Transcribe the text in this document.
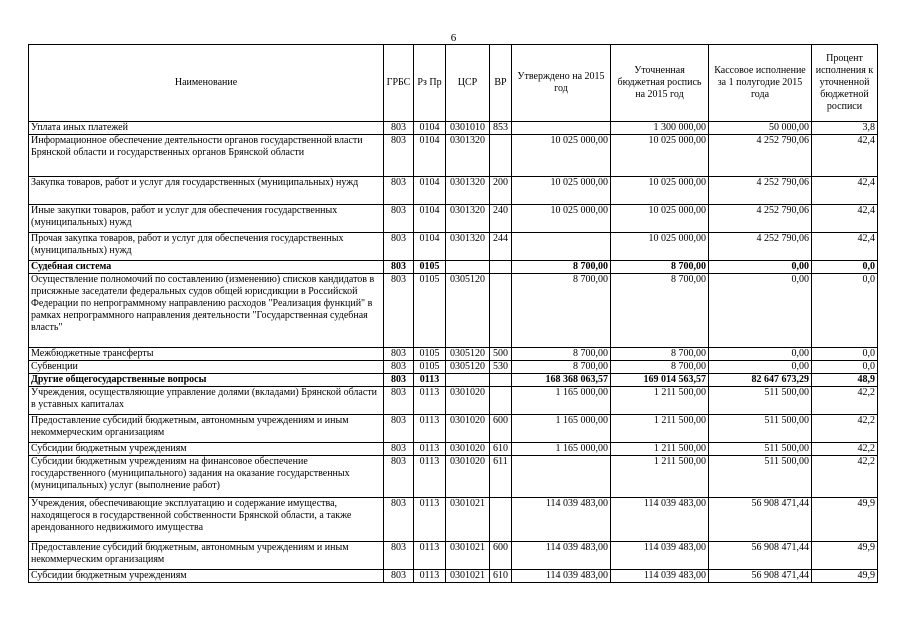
6
Наименование	ГРБС	Рз Пр	ЦСР	ВР	Утверждено на 2015 год	Уточненная бюджетная роспись на 2015 год	Кассовое исполнение за 1 полугодие 2015 года	Процент исполнения к уточненной бюджетной росписи
Уплата иных платежей	803	0104	0301010	853		1 300 000,00	50 000,00	3,8
Информационное обеспечение деятельности органов государственной власти Брянской области и государственных органов Брянской области	803	0104	0301320		10 025 000,00	10 025 000,00	4 252 790,06	42,4
Закупка товаров, работ и услуг для государственных (муниципальных) нужд	803	0104	0301320	200	10 025 000,00	10 025 000,00	4 252 790,06	42,4
Иные закупки товаров, работ и услуг для обеспечения государственных (муниципальных) нужд	803	0104	0301320	240	10 025 000,00	10 025 000,00	4 252 790,06	42,4
Прочая закупка товаров, работ и услуг для обеспечения государственных (муниципальных) нужд	803	0104	0301320	244		10 025 000,00	4 252 790,06	42,4
Судебная система	803	0105			8 700,00	8 700,00	0,00	0,0
Осуществление полномочий по составлению (изменению) списков кандидатов в присяжные заседатели федеральных судов общей юрисдикции в Российской Федерации по непрограммному направлению расходов "Реализация функций" в рамках непрограммного направления деятельности "Государственная судебная власть"	803	0105	0305120		8 700,00	8 700,00	0,00	0,0
Межбюджетные трансферты	803	0105	0305120	500	8 700,00	8 700,00	0,00	0,0
Субвенции	803	0105	0305120	530	8 700,00	8 700,00	0,00	0,0
Другие общегосударственные вопросы	803	0113			168 368 063,57	169 014 563,57	82 647 673,29	48,9
Учреждения, осуществляющие управление долями (вкладами) Брянской области в уставных капиталах	803	0113	0301020		1 165 000,00	1 211 500,00	511 500,00	42,2
Предоставление субсидий бюджетным, автономным учреждениям и иным некоммерческим организациям	803	0113	0301020	600	1 165 000,00	1 211 500,00	511 500,00	42,2
Субсидии бюджетным учреждениям	803	0113	0301020	610	1 165 000,00	1 211 500,00	511 500,00	42,2
Субсидии бюджетным учреждениям на финансовое обеспечение государственного (муниципального) задания на оказание государственных (муниципальных) услуг (выполнение работ)	803	0113	0301020	611		1 211 500,00	511 500,00	42,2
Учреждения, обеспечивающие эксплуатацию и содержание имущества, находящегося в государственной собственности Брянской области, а также арендованного недвижимого имущества	803	0113	0301021		114 039 483,00	114 039 483,00	56 908 471,44	49,9
Предоставление субсидий бюджетным, автономным учреждениям и иным некоммерческим организациям	803	0113	0301021	600	114 039 483,00	114 039 483,00	56 908 471,44	49,9
Субсидии бюджетным учреждениям	803	0113	0301021	610	114 039 483,00	114 039 483,00	56 908 471,44	49,9
